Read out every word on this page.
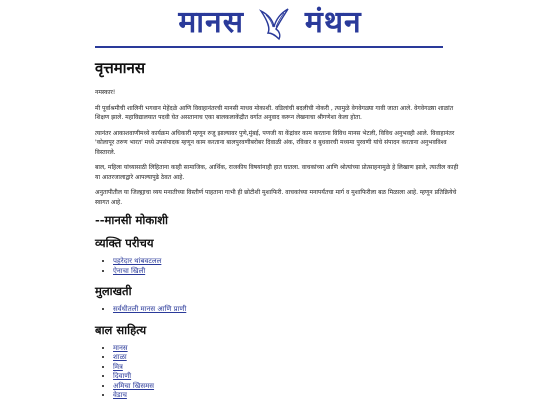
मानस मंथन
वृत्तमानस

नमस्कार!

मी पूर्वाश्रमीची शालिनी भगवान मेहेंदळे आणि विवाहानंतरची मानसी माधव मोकाशी. वडिलांची बदलीची नोकरी , त्यामुळे वेगवेगळ्या गावी जाता आले. वेगवेगळ्या शाळांत शिक्षण झाले. महाविद्यालयात पदवी घेत असतानाच एका बालकलाकेंद्रीत वर्गात अनुवाद करून लेखनाचा श्रीगणेशा केला होता.

त्यानंतर आकाशवाणीमध्ये कार्यक्रम अधिकारी म्हणून रुजू झाल्यावर पुणे,मुंबई, पणजी या केंद्रांवर काम करताना विविध मानस भेटली, विविध अनुभवही आले. विवाहानंतर 'कोलापूर तरुण भारत' मध्ये उपसंपादक म्हणून काम करताना बालपुरवणीबरोबर दिवाळी अंक, रविवार व बुधवारची मध्यमा पुरवणी यांचे संपादन करताना अनुभवविश्व विस्तारले.

बाल, महिला यांच्यासाठी लिहिताना काही सामाजिक, आर्थिक, राजकीय विषयांनाही हात घातला. वाचकांच्या आणि श्रोत्यांच्या प्रोत्साहनामुळे हे लिखाण झाले, त्यातील काही या आतरजालाद्वारे आपल्यापुढे ठेवत आहे.

अनुतापीतील या जिल्ह्याचा व्यय मनातीच्या विस्तीर्ण पाहताना गाभी ही छोटीशी मुशाफिरी. वाचकांच्या मनापर्यंतचा मार्ग व मुशाफिरीला बळ मिळाला आहे. म्हणून प्रतिक्रियेचे स्वागत आहे.

--मानसी मोकाशी
व्यक्ति परीचय
• पहरेदार थांबवटलल
• ऐनाचा खिली
मुलाखती
• सर्वधीतली मानस आणि प्राणी
बाल साहित्य
• मानस
• शाळा
• मित्र
• दिवाणी
• अमिचा खिसमस
• वेडाच
